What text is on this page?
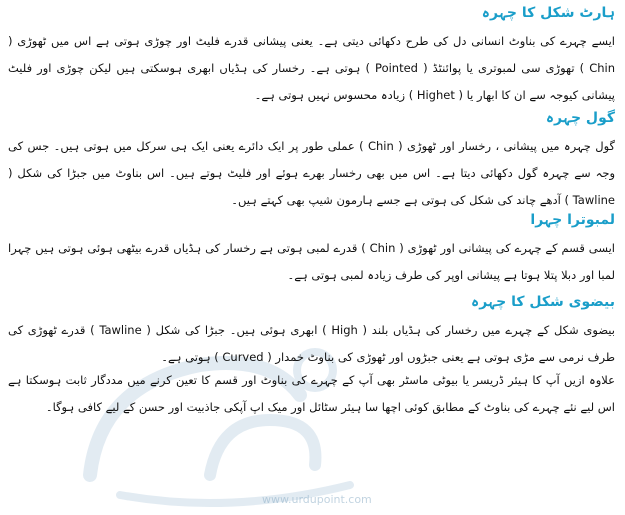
www.urdupoint.com
ہارٹ شکل کا چہرہ

ایسے چہرے کی بناوٹ انسانی دل کی طرح دکھائی دیتی ہے۔ یعنی پیشانی قدرے فلیٹ اور چوڑی ہوتی ہے اس میں ٹھوڑی ( Chin ) تھوڑی سی لمبوتری یا پوائنٹڈ ( Pointed ) ہوتی ہے۔ رخسار کی ہڈیاں ابھری ہوسکتی ہیں لیکن چوڑی اور فلیٹ پیشانی کیوجہ سے ان کا ابھار یا ( Highet ) زیادہ محسوس نہیں ہوتی ہے۔

گول چہرہ

گول چہرہ میں پیشانی ، رخسار اور ٹھوڑی ( Chin ) عملی طور پر ایک دائرے یعنی ایک ہی سرکل میں ہوتی ہیں۔ جس کی وجہ سے چہرہ گول دکھائی دیتا ہے۔ اس میں بھی رخسار بھرے ہوئے اور فلیٹ ہوتے ہیں۔ اس بناوٹ میں جبڑا کی شکل ( Tawline ) آدھے چاند کی شکل کی ہوتی ہے جسے ہارمون شیپ بھی کہتے ہیں۔

لمبوترا چہرا

ایسی قسم کے چہرے کی پیشانی اور ٹھوڑی ( Chin ) قدرے لمبی ہوتی ہے رخسار کی ہڈیاں قدرے بیٹھی ہوئی ہوتی ہیں چہرا لمبا اور دبلا پتلا ہوتا ہے پیشانی اوپر کی طرف زیادہ لمبی ہوتی ہے۔

بیضوی شکل کا چہرہ

بیضوی شکل کے چہرے میں رخسار کی ہڈیاں بلند ( High ) ابھری ہوئی ہیں۔ جبڑا کی شکل ( Tawline ) قدرے ٹھوڑی کی طرف نرمی سے مڑی ہوتی ہے یعنی جبڑوں اور ٹھوڑی کی بناوٹ خمدار ( Curved ) ہوتی ہے۔

علاوہ ازیں آپ کا ہیئر ڈریسر یا بیوٹی ماسٹر بھی آپ کے چہرے کی بناوٹ اور قسم کا تعین کرنے میں مددگار ثابت ہوسکتا ہے اس لیے نئے چہرے کی بناوٹ کے مطابق کوئی اچھا سا ہیئر سٹائل اور میک اپ آپکی جاذبیت اور حسن کے لیے کافی ہوگا۔
